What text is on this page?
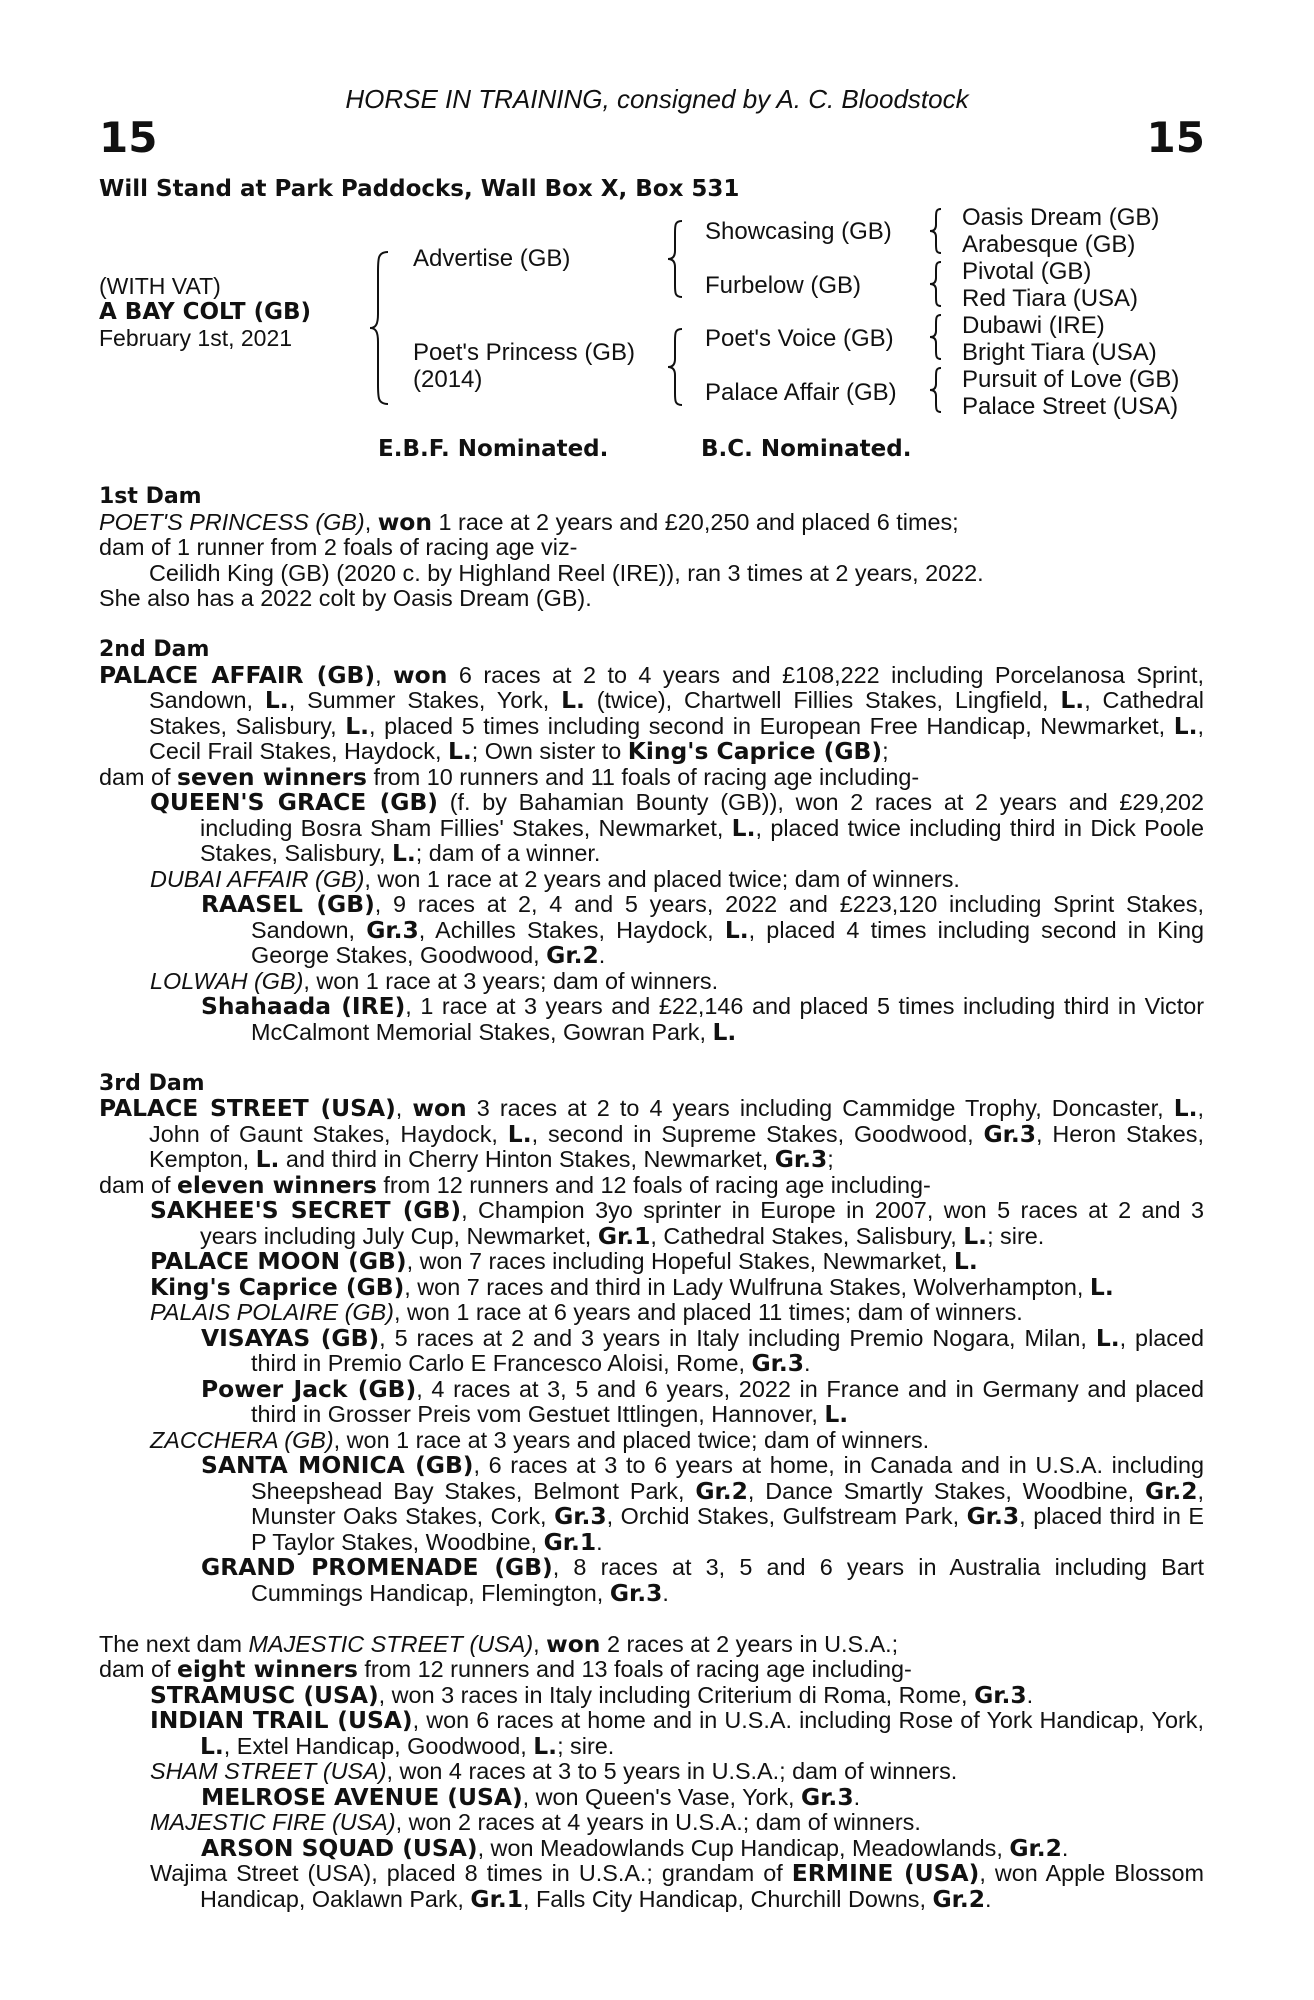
HORSE IN TRAINING, consigned by A. C. Bloodstock
15	15
Will Stand at Park Paddocks, Wall Box X, Box 531
(WITH VAT)
A BAY COLT (GB)
February 1st, 2021
Advertise (GB)
Poet's Princess (GB)
(2014)
Showcasing (GB)
Furbelow (GB)
Poet's Voice (GB)
Palace Affair (GB)
Oasis Dream (GB)
Arabesque (GB)
Pivotal (GB)
Red Tiara (USA)
Dubawi (IRE)
Bright Tiara (USA)
Pursuit of Love (GB)
Palace Street (USA)
E.B.F. Nominated.	B.C. Nominated.

1st Dam

POET'S PRINCESS (GB), won 1 race at 2 years and £20,250 and placed 6 times;

dam of 1 runner from 2 foals of racing age viz-

Ceilidh King (GB) (2020 c. by Highland Reel (IRE)), ran 3 times at 2 years, 2022.

She also has a 2022 colt by Oasis Dream (GB).

2nd Dam

PALACE AFFAIR (GB), won 6 races at 2 to 4 years and £108,222 including Porcelanosa Sprint, Sandown, L., Summer Stakes, York, L. (twice), Chartwell Fillies Stakes, Lingfield, L., Cathedral Stakes, Salisbury, L., placed 5 times including second in European Free Handicap, Newmarket, L., Cecil Frail Stakes, Haydock, L.; Own sister to King's Caprice (GB);

dam of seven winners from 10 runners and 11 foals of racing age including-

QUEEN'S GRACE (GB) (f. by Bahamian Bounty (GB)), won 2 races at 2 years and £29,202 including Bosra Sham Fillies' Stakes, Newmarket, L., placed twice including third in Dick Poole Stakes, Salisbury, L.; dam of a winner.

DUBAI AFFAIR (GB), won 1 race at 2 years and placed twice; dam of winners.

RAASEL (GB), 9 races at 2, 4 and 5 years, 2022 and £223,120 including Sprint Stakes, Sandown, Gr.3, Achilles Stakes, Haydock, L., placed 4 times including second in King George Stakes, Goodwood, Gr.2.

LOLWAH (GB), won 1 race at 3 years; dam of winners.

Shahaada (IRE), 1 race at 3 years and £22,146 and placed 5 times including third in Victor McCalmont Memorial Stakes, Gowran Park, L.

3rd Dam

PALACE STREET (USA), won 3 races at 2 to 4 years including Cammidge Trophy, Doncaster, L., John of Gaunt Stakes, Haydock, L., second in Supreme Stakes, Goodwood, Gr.3, Heron Stakes, Kempton, L. and third in Cherry Hinton Stakes, Newmarket, Gr.3;

dam of eleven winners from 12 runners and 12 foals of racing age including-

SAKHEE'S SECRET (GB), Champion 3yo sprinter in Europe in 2007, won 5 races at 2 and 3 years including July Cup, Newmarket, Gr.1, Cathedral Stakes, Salisbury, L.; sire.

PALACE MOON (GB), won 7 races including Hopeful Stakes, Newmarket, L.

King's Caprice (GB), won 7 races and third in Lady Wulfruna Stakes, Wolverhampton, L.

PALAIS POLAIRE (GB), won 1 race at 6 years and placed 11 times; dam of winners.

VISAYAS (GB), 5 races at 2 and 3 years in Italy including Premio Nogara, Milan, L., placed third in Premio Carlo E Francesco Aloisi, Rome, Gr.3.

Power Jack (GB), 4 races at 3, 5 and 6 years, 2022 in France and in Germany and placed third in Grosser Preis vom Gestuet Ittlingen, Hannover, L.

ZACCHERA (GB), won 1 race at 3 years and placed twice; dam of winners.

SANTA MONICA (GB), 6 races at 3 to 6 years at home, in Canada and in U.S.A. including Sheepshead Bay Stakes, Belmont Park, Gr.2, Dance Smartly Stakes, Woodbine, Gr.2, Munster Oaks Stakes, Cork, Gr.3, Orchid Stakes, Gulfstream Park, Gr.3, placed third in E P Taylor Stakes, Woodbine, Gr.1.

GRAND PROMENADE (GB), 8 races at 3, 5 and 6 years in Australia including Bart Cummings Handicap, Flemington, Gr.3.

The next dam MAJESTIC STREET (USA), won 2 races at 2 years in U.S.A.;

dam of eight winners from 12 runners and 13 foals of racing age including-

STRAMUSC (USA), won 3 races in Italy including Criterium di Roma, Rome, Gr.3.

INDIAN TRAIL (USA), won 6 races at home and in U.S.A. including Rose of York Handicap, York, L., Extel Handicap, Goodwood, L.; sire.

SHAM STREET (USA), won 4 races at 3 to 5 years in U.S.A.; dam of winners.

MELROSE AVENUE (USA), won Queen's Vase, York, Gr.3.

MAJESTIC FIRE (USA), won 2 races at 4 years in U.S.A.; dam of winners.

ARSON SQUAD (USA), won Meadowlands Cup Handicap, Meadowlands, Gr.2.

Wajima Street (USA), placed 8 times in U.S.A.; grandam of ERMINE (USA), won Apple Blossom Handicap, Oaklawn Park, Gr.1, Falls City Handicap, Churchill Downs, Gr.2.
